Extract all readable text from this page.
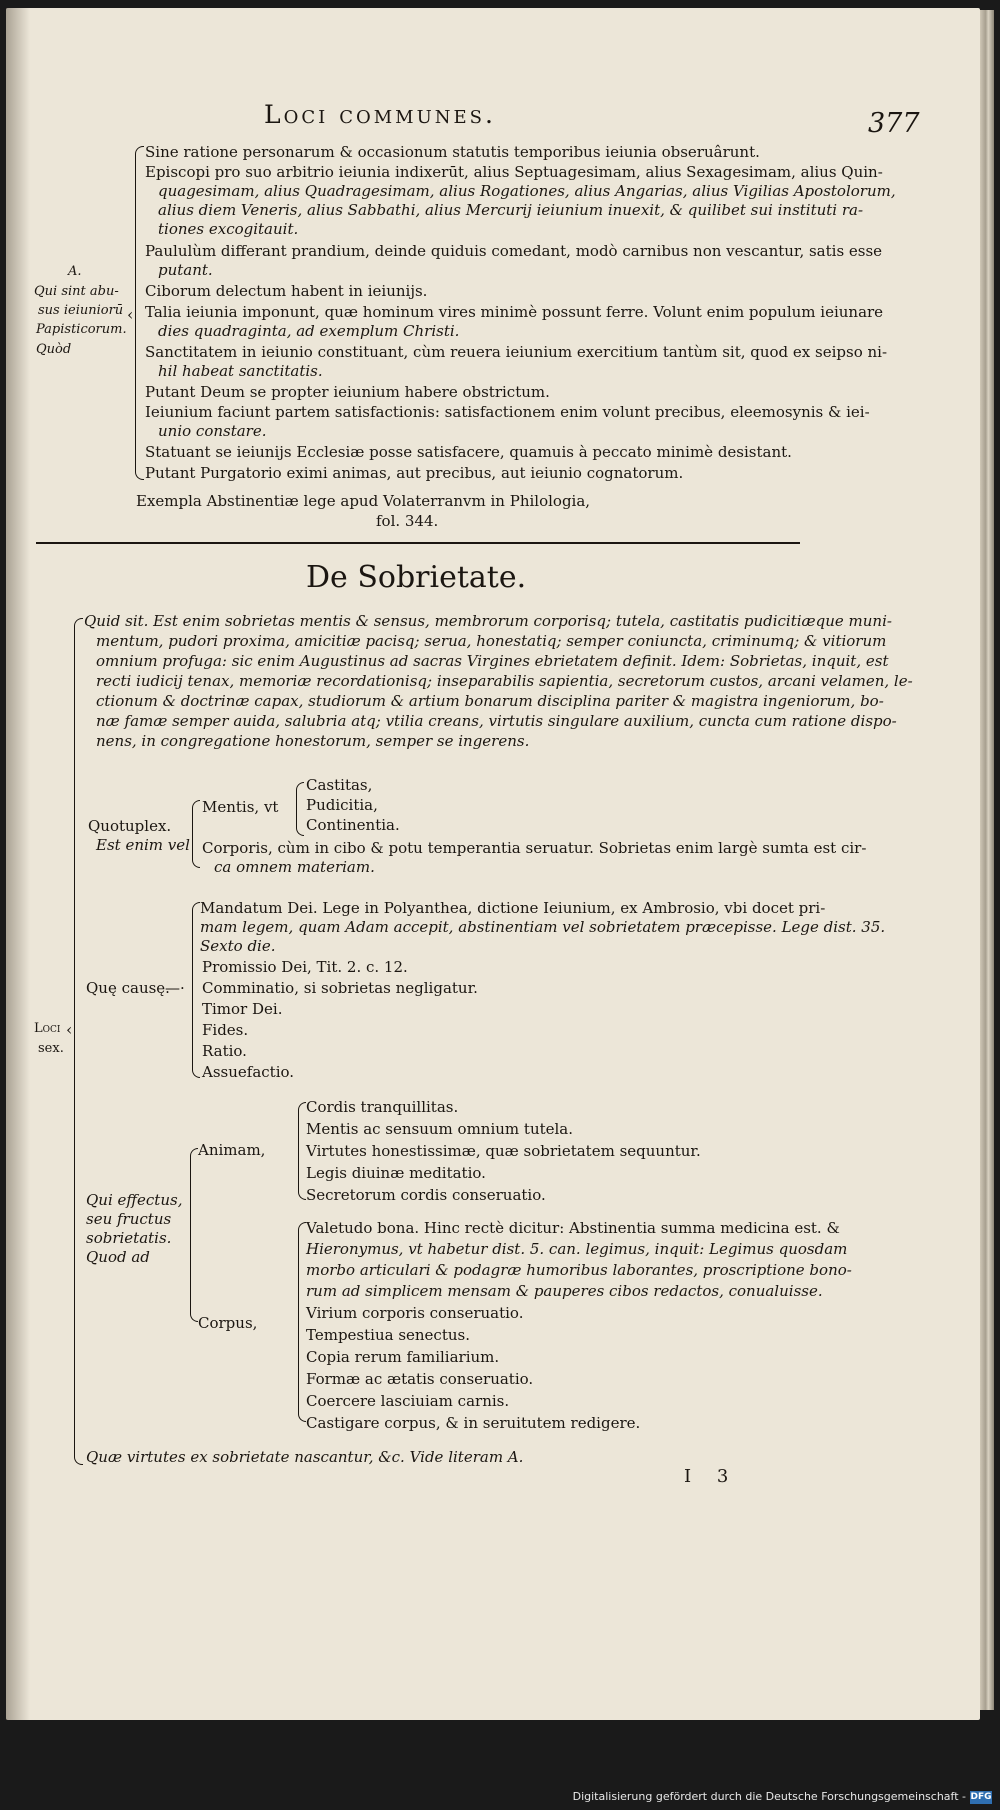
Loci communes.	377
A.
Qui sint abu-
sus ieiuniorū
Papisticorum.
Quòd
‹
Sine ratione personarum & occasionum statutis temporibus ieiunia obseruârunt.
Episcopi pro suo arbitrio ieiunia indixerūt, alius Septuagesimam, alius Sexagesimam, alius Quin-
quagesimam, alius Quadragesimam, alius Rogationes, alius Angarias, alius Vigilias Apostolorum,
alius diem Veneris, alius Sabbathi, alius Mercurij ieiunium inuexit, & quilibet sui instituti ra-
tiones excogitauit.
Paululùm differant prandium, deinde quiduis comedant, modò carnibus non vescantur, satis esse
putant.
Ciborum delectum habent in ieiunijs.
Talia ieiunia imponunt, quæ hominum vires minimè possunt ferre. Volunt enim populum ieiunare
dies quadraginta, ad exemplum Christi.
Sanctitatem in ieiunio constituant, cùm reuera ieiunium exercitium tantùm sit, quod ex seipso ni-
hil habeat sanctitatis.
Putant Deum se propter ieiunium habere obstrictum.
Ieiunium faciunt partem satisfactionis: satisfactionem enim volunt precibus, eleemosynis & iei-
unio constare.
Statuant se ieiunijs Ecclesiæ posse satisfacere, quamuis à peccato minimè desistant.
Putant Purgatorio eximi animas, aut precibus, aut ieiunio cognatorum.
Exempla Abstinentiæ lege apud Volaterranvm in Philologia,
fol. 344.
De Sobrietate.
‹
Loci
sex.
Quid sit. Est enim sobrietas mentis & sensus, membrorum corporisq; tutela, castitatis pudicitiæque muni-
mentum, pudori proxima, amicitiæ pacisq; serua, honestatiq; semper coniuncta, criminumq; & vitiorum
omnium profuga: sic enim Augustinus ad sacras Virgines ebrietatem definit. Idem: Sobrietas, inquit, est
recti iudicij tenax, memoriæ recordationisq; inseparabilis sapientia, secretorum custos, arcani velamen, le-
ctionum & doctrinæ capax, studiorum & artium bonarum disciplina pariter & magistra ingeniorum, bo-
næ famæ semper auida, salubria atq; vtilia creans, virtutis singulare auxilium, cuncta cum ratione dispo-
nens, in congregatione honestorum, semper se ingerens.
Quotuplex.
Est enim vel
Mentis, vt
Castitas,
Pudicitia,
Continentia.
Corporis, cùm in cibo & potu temperantia seruatur. Sobrietas enim largè sumta est cir-
ca omnem materiam.
Quę causę.
—·
Mandatum Dei. Lege in Polyanthea, dictione Ieiunium, ex Ambrosio, vbi docet pri-
mam legem, quam Adam accepit, abstinentiam vel sobrietatem præcepisse. Lege dist. 35.
Sexto die.
Promissio Dei, Tit. 2. c. 12.
Comminatio, si sobrietas negligatur.
Timor Dei.
Fides.
Ratio.
Assuefactio.
Qui effectus,
seu fructus
sobrietatis.
Quod ad
Animam,
Cordis tranquillitas.
Mentis ac sensuum omnium tutela.
Virtutes honestissimæ, quæ sobrietatem sequuntur.
Legis diuinæ meditatio.
Secretorum cordis conseruatio.
Corpus,
Valetudo bona. Hinc rectè dicitur: Abstinentia summa medicina est. &
Hieronymus, vt habetur dist. 5. can. legimus, inquit: Legimus quosdam
morbo articulari & podagræ humoribus laborantes, proscriptione bono-
rum ad simplicem mensam & pauperes cibos redactos, conualuisse.
Virium corporis conseruatio.
Tempestiua senectus.
Copia rerum familiarium.
Formæ ac ætatis conseruatio.
Coercere lasciuiam carnis.
Castigare corpus, & in seruitutem redigere.
Quæ virtutes ex sobrietate nascantur, &c. Vide literam A.
I 3
Digitalisierung gefördert durch die Deutsche Forschungsgemeinschaft - DFG
